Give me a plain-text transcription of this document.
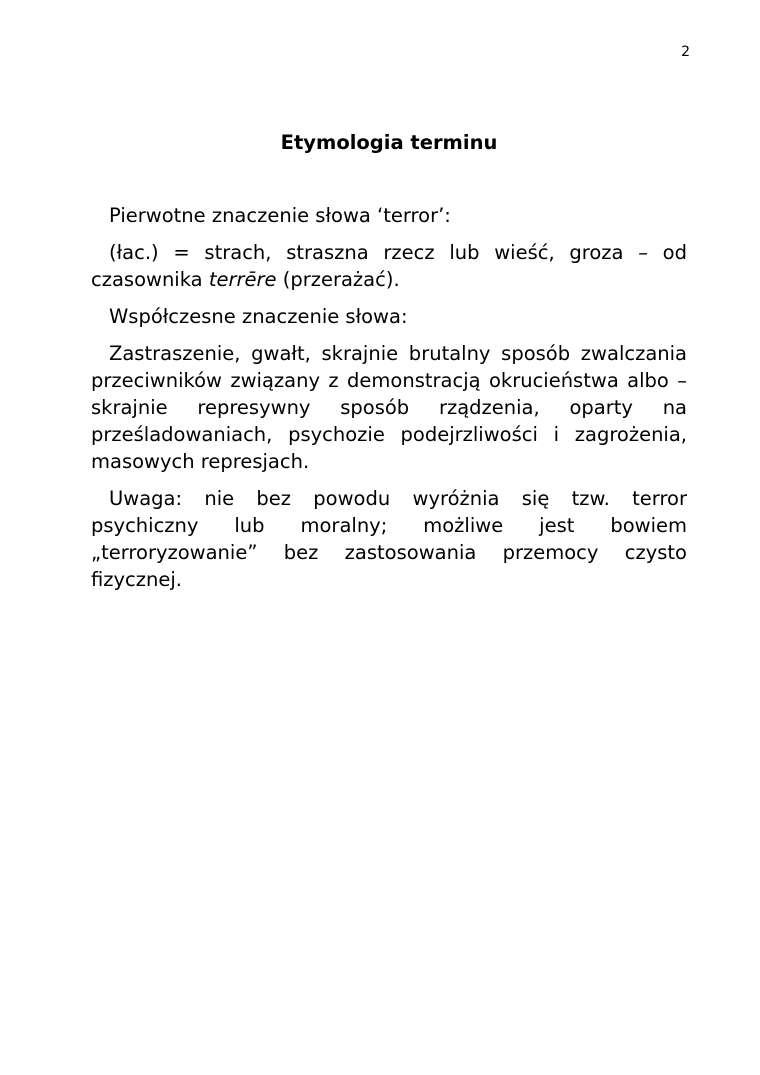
2
Etymologia terminu

Pierwotne znaczenie słowa ‘terror’:

(łac.) = strach, straszna rzecz lub wieść, groza – od czasownika terrēre (przerażać).

Współczesne znaczenie słowa:

Zastraszenie, gwałt, skrajnie brutalny sposób zwalczania przeciwników związany z demonstracją okrucieństwa albo – skrajnie represywny sposób rządzenia, oparty na prześladowaniach, psychozie podejrzliwości i zagrożenia, masowych represjach.

Uwaga: nie bez powodu wyróżnia się tzw. terror psychiczny lub moralny; możliwe jest bowiem „terroryzowanie” bez zastosowania przemocy czysto fizycznej.
